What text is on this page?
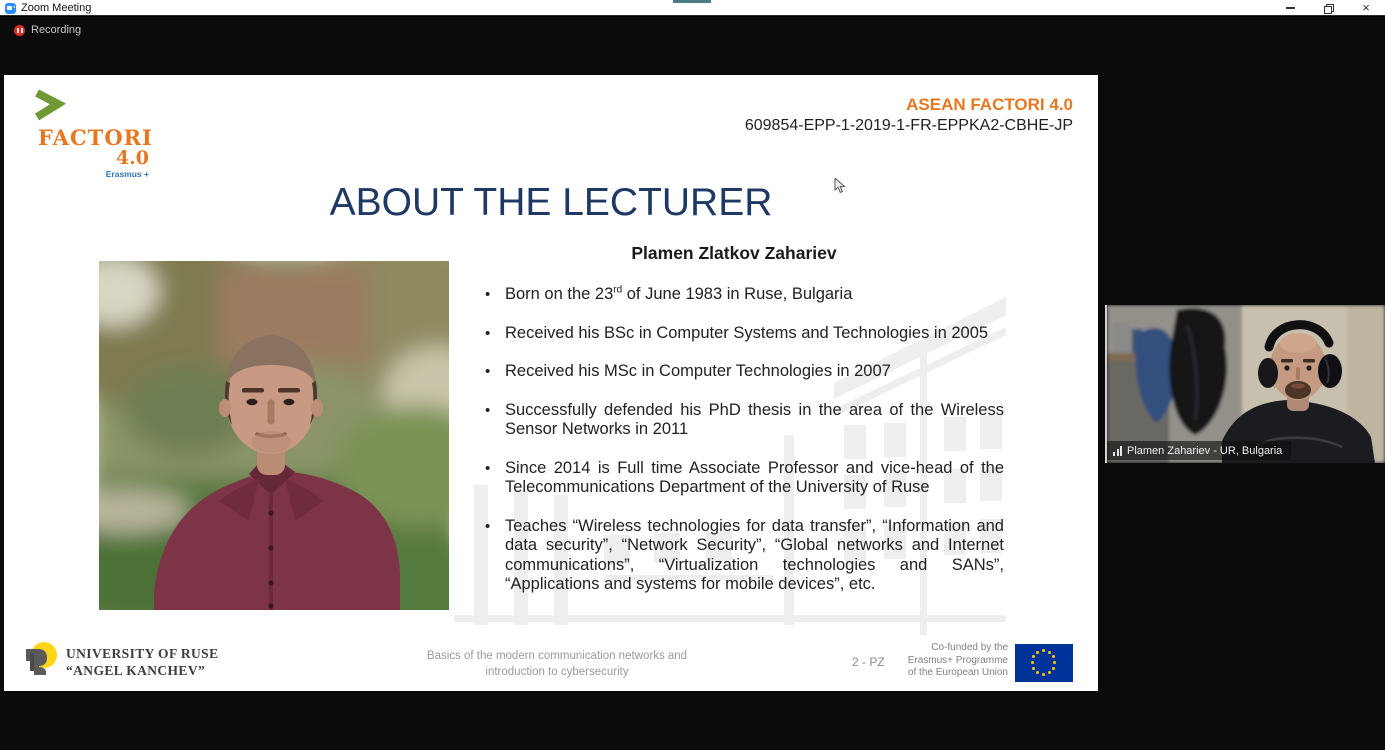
Zoom Meeting	×
Recording
FACTORI
4.0
Erasmus +
ASEAN FACTORI 4.0
609854-EPP-1-2019-1-FR-EPPKA2-CBHE-JP
ABOUT THE LECTURER
Plamen Zlatkov Zahariev
• Born on the 23rd of June 1983 in Ruse, Bulgaria
• Received his BSc in Computer Systems and Technologies in 2005
• Received his MSc in Computer Technologies in 2007
• Successfully defended his PhD thesis in the area of the Wireless Sensor Networks in 2011
• Since 2014 is Full time Associate Professor and vice-head of the Telecommunications Department of the University of Ruse
• Teaches “Wireless technologies for data transfer”, “Information and data security”, “Network Security”, “Global networks and Internet communications”, “Virtualization technologies and SANs”, “Applications and systems for mobile devices”, etc.
UNIVERSITY OF RUSE
“ANGEL KANCHEV”
Basics of the modern communication networks and
introduction to cybersecurity
2 - PZ
Co-funded by the
Erasmus+ Programme
of the European Union
Plamen Zahariev - UR, Bulgaria
